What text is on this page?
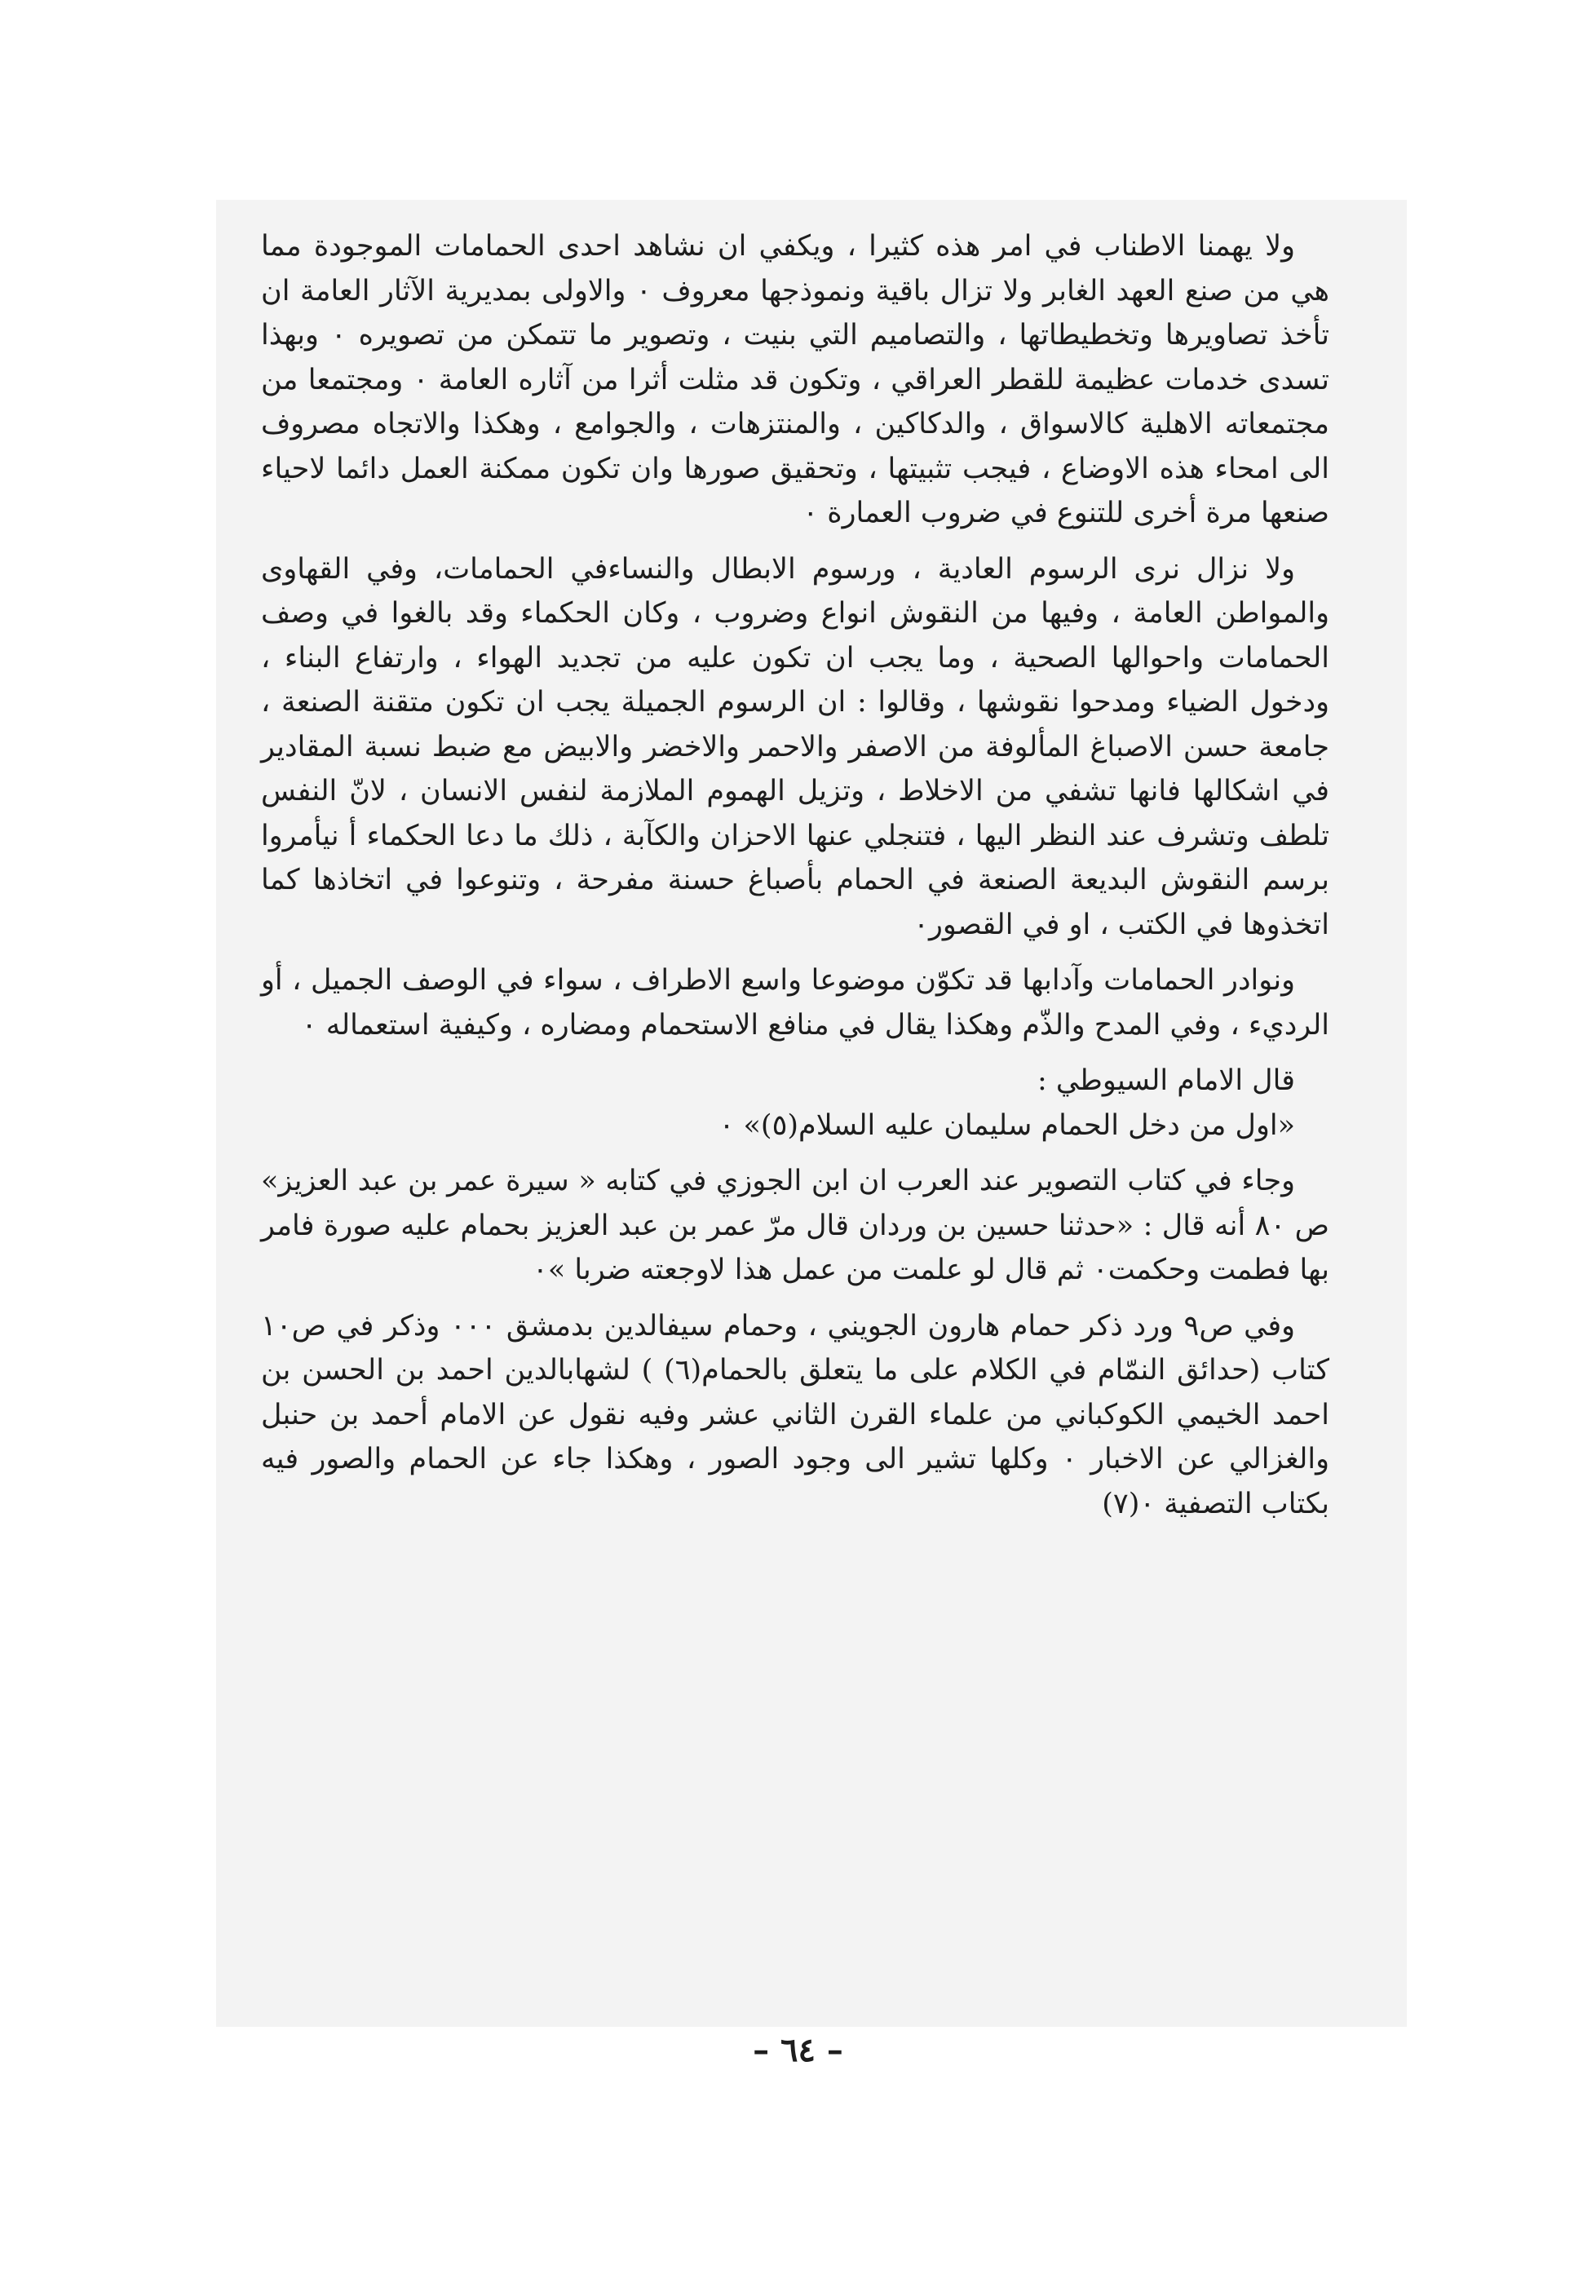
ولا يهمنا الاطناب في امر هذه كثيرا ، ويكفي ان نشاهد احدى الحمامات الموجودة مما هي من صنع العهد الغابر ولا تزال باقية ونموذجها معروف ٠ والاولى بمديرية الآثار العامة ان تأخذ تصاويرها وتخطيطاتها ، والتصاميم التي بنيت ، وتصوير ما تتمكن من تصويره ٠ وبهذا تسدى خدمات عظيمة للقطر العراقي ، وتكون قد مثلت أثرا من آثاره العامة ٠ ومجتمعا من مجتمعاته الاهلية كالاسواق ، والدكاكين ، والمنتزهات ، والجوامع ، وهكذا والاتجاه مصروف الى امحاء هذه الاوضاع ، فيجب تثبيتها ، وتحقيق صورها وان تكون ممكنة العمل دائما لاحياء صنعها مرة أخرى للتنوع في ضروب العمارة ٠

ولا نزال نرى الرسوم العادية ، ورسوم الابطال والنساءفي الحمامات، وفي القهاوى والمواطن العامة ، وفيها من النقوش انواع وضروب ، وكان الحكماء وقد بالغوا في وصف الحمامات واحوالها الصحية ، وما يجب ان تكون عليه من تجديد الهواء ، وارتفاع البناء ، ودخول الضياء ومدحوا نقوشها ، وقالوا : ان الرسوم الجميلة يجب ان تكون متقنة الصنعة ، جامعة حسن الاصباغ المألوفة من الاصفر والاحمر والاخضر والابيض مع ضبط نسبة المقادير في اشكالها فانها تشفي من الاخلاط ، وتزيل الهموم الملازمة لنفس الانسان ، لانّ النفس تلطف وتشرف عند النظر اليها ، فتنجلي عنها الاحزان والكآبة ، ذلك ما دعا الحكماء أ نيأمروا برسم النقوش البديعة الصنعة في الحمام بأصباغ حسنة مفرحة ، وتنوعوا في اتخاذها كما اتخذوها في الكتب ، او في القصور٠

ونوادر الحمامات وآدابها قد تكوّن موضوعا واسع الاطراف ، سواء في الوصف الجميل ، أو الرديء ، وفي المدح والذّم وهكذا يقال في منافع الاستحمام ومضاره ، وكيفية استعماله ٠

قال الامام السيوطي :
«اول من دخل الحمام سليمان عليه السلام(٥)» ٠

وجاء في كتاب التصوير عند العرب ان ابن الجوزي في كتابه « سيرة عمر بن عبد العزيز» ص ٨٠ أنه قال : «حدثنا حسين بن وردان قال مرّ عمر بن عبد العزيز بحمام عليه صورة فامر بها فطمت وحكمت٠ ثم قال لو علمت من عمل هذا لاوجعته ضربا »٠

وفي ص٩ ورد ذكر حمام هارون الجويني ، وحمام سيفالدين بدمشق ٠٠٠ وذكر في ص١٠ كتاب (حدائق النمّام في الكلام على ما يتعلق بالحمام(٦) ) لشهابالدين احمد بن الحسن بن احمد الخيمي الكوكباني من علماء القرن الثاني عشر وفيه نقول عن الامام أحمد بن حنبل والغزالي عن الاخبار ٠ وكلها تشير الى وجود الصور ، وهكذا جاء عن الحمام والصور فيه بكتاب التصفية ٠(٧)

– ٦٤ –
